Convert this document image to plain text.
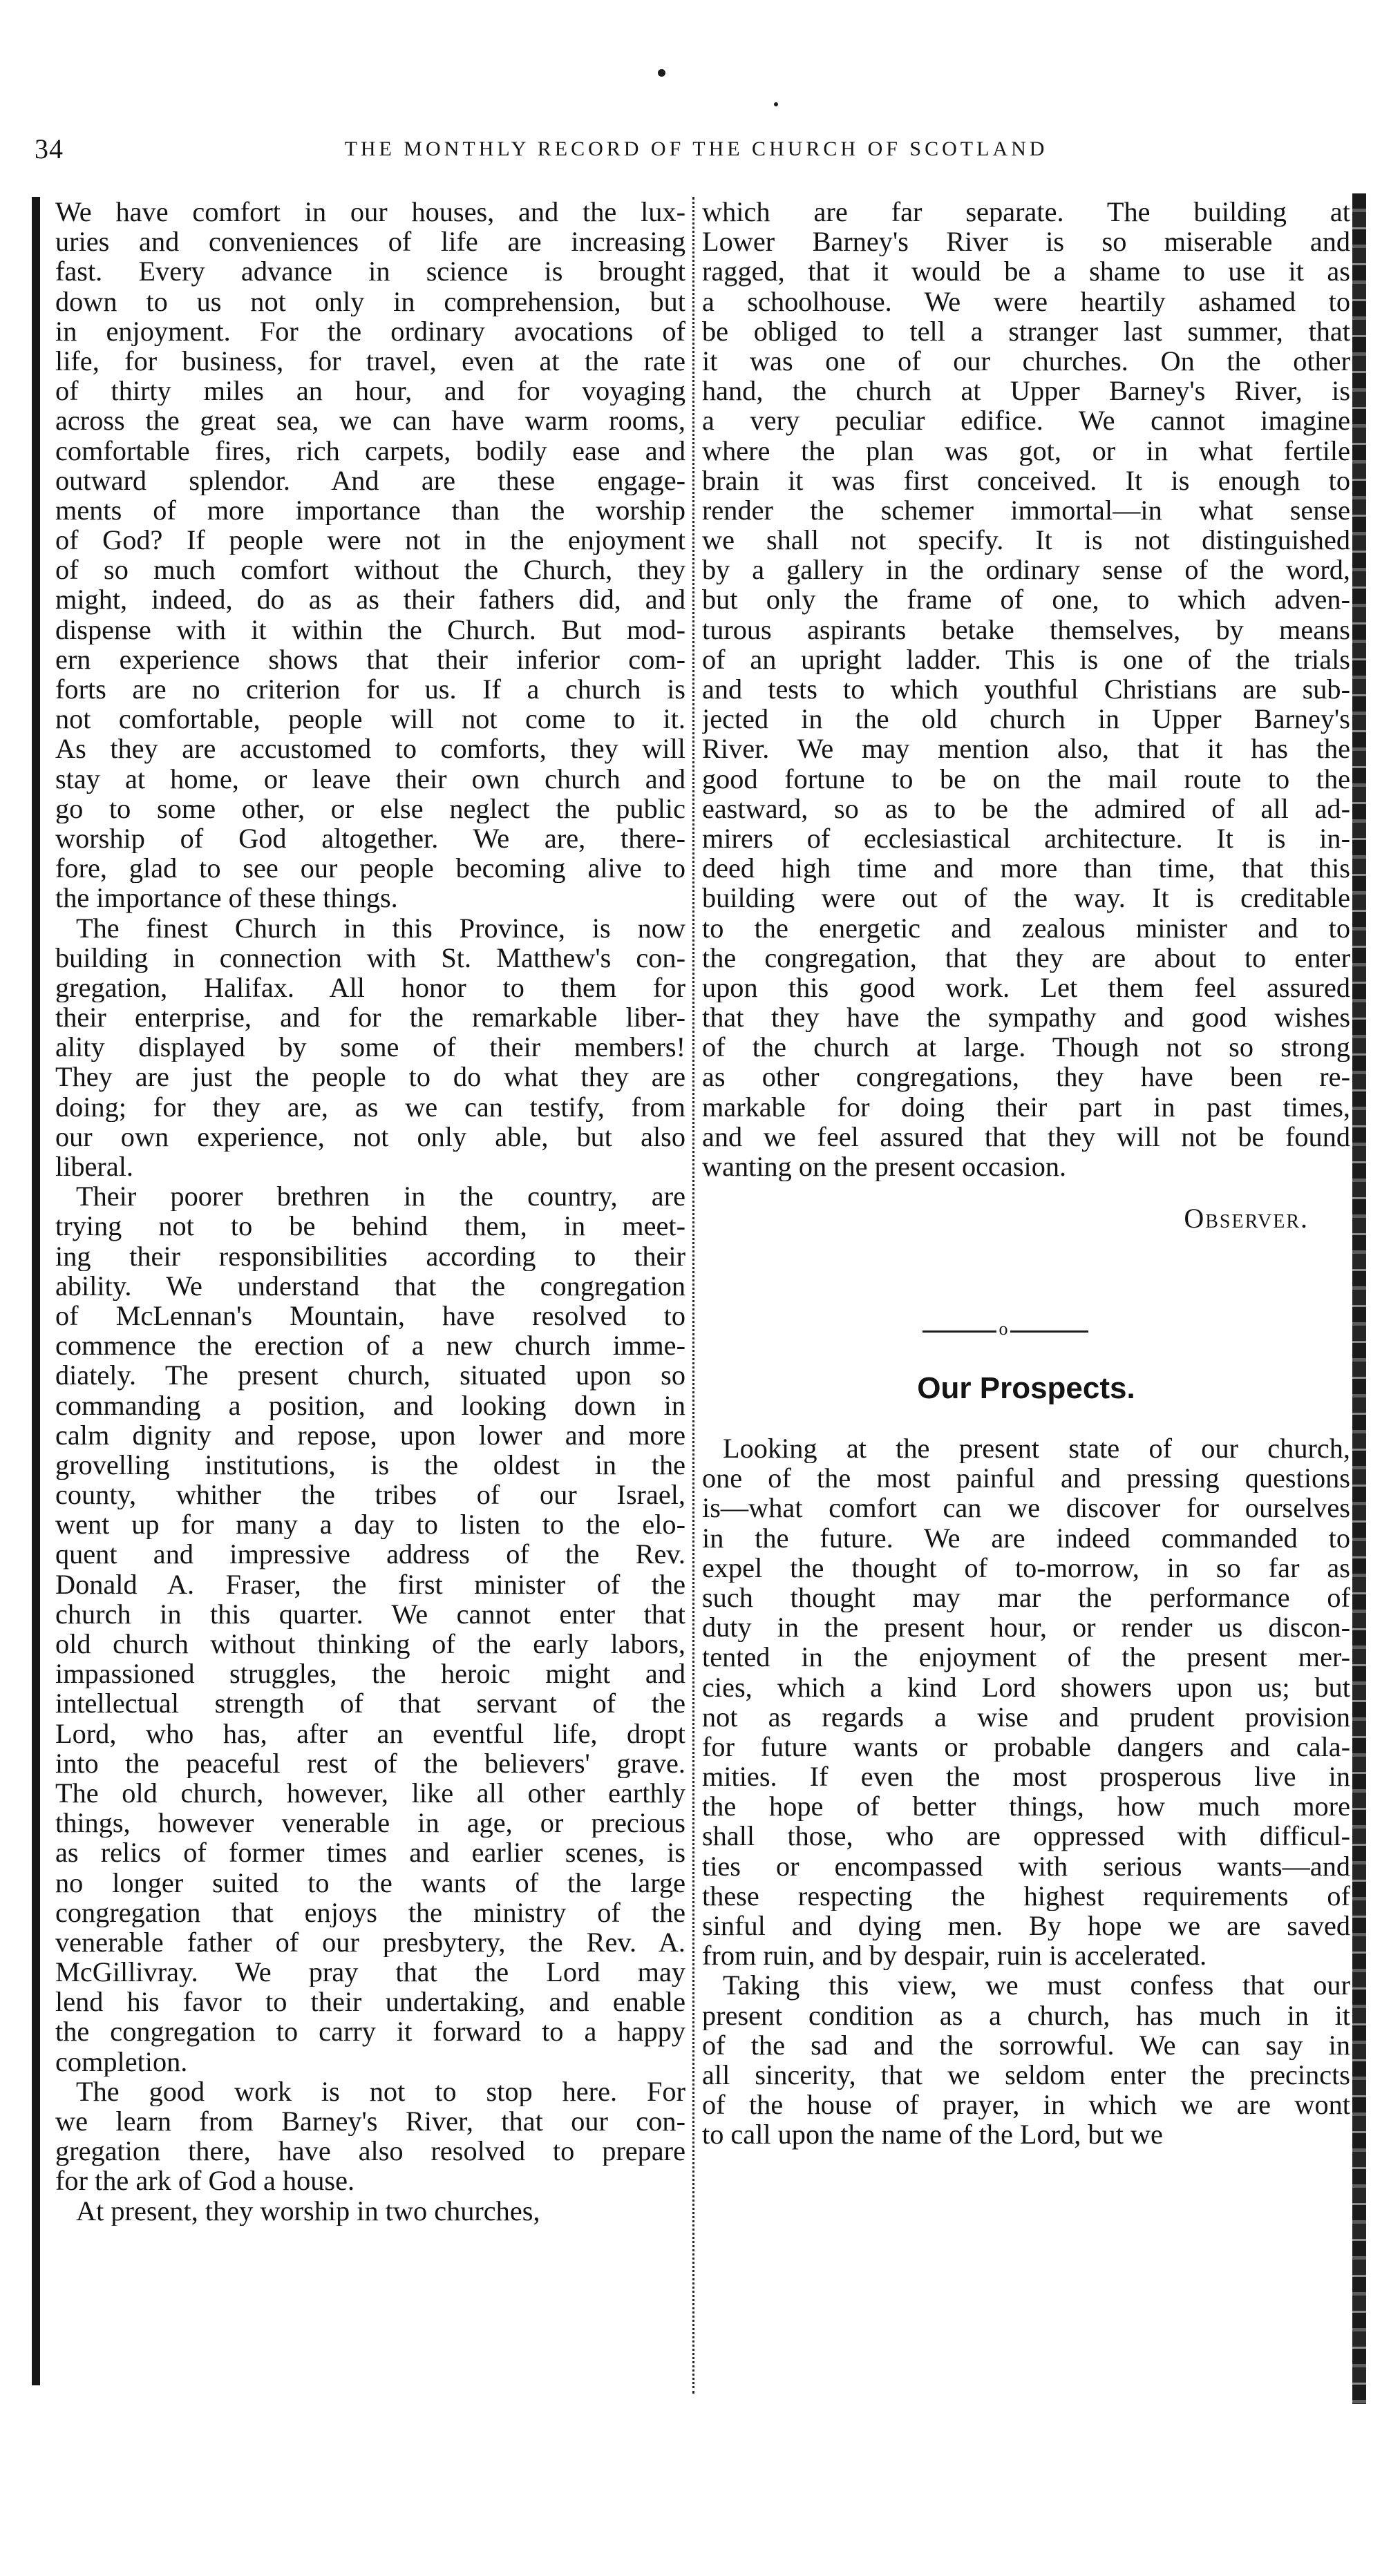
34	THE MONTHLY RECORD OF THE CHURCH OF SCOTLAND
We have comfort in our houses, and the lux-
uries and conveniences of life are increasing
fast. Every advance in science is brought
down to us not only in comprehension, but
in enjoyment. For the ordinary avocations of
life, for business, for travel, even at the rate
of thirty miles an hour, and for voyaging
across the great sea, we can have warm rooms,
comfortable fires, rich carpets, bodily ease and
outward splendor. And are these engage-
ments of more importance than the worship
of God? If people were not in the enjoyment
of so much comfort without the Church, they
might, indeed, do as as their fathers did, and
dispense with it within the Church. But mod-
ern experience shows that their inferior com-
forts are no criterion for us. If a church is
not comfortable, people will not come to it.
As they are accustomed to comforts, they will
stay at home, or leave their own church and
go to some other, or else neglect the public
worship of God altogether. We are, there-
fore, glad to see our people becoming alive to
the importance of these things.
The finest Church in this Province, is now
building in connection with St. Matthew's con-
gregation, Halifax. All honor to them for
their enterprise, and for the remarkable liber-
ality displayed by some of their members!
They are just the people to do what they are
doing; for they are, as we can testify, from
our own experience, not only able, but also
liberal.
Their poorer brethren in the country, are
trying not to be behind them, in meet-
ing their responsibilities according to their
ability. We understand that the congregation
of McLennan's Mountain, have resolved to
commence the erection of a new church imme-
diately. The present church, situated upon so
commanding a position, and looking down in
calm dignity and repose, upon lower and more
grovelling institutions, is the oldest in the
county, whither the tribes of our Israel,
went up for many a day to listen to the elo-
quent and impressive address of the Rev.
Donald A. Fraser, the first minister of the
church in this quarter. We cannot enter that
old church without thinking of the early labors,
impassioned struggles, the heroic might and
intellectual strength of that servant of the
Lord, who has, after an eventful life, dropt
into the peaceful rest of the believers' grave.
The old church, however, like all other earthly
things, however venerable in age, or precious
as relics of former times and earlier scenes, is
no longer suited to the wants of the large
congregation that enjoys the ministry of the
venerable father of our presbytery, the Rev. A.
McGillivray. We pray that the Lord may
lend his favor to their undertaking, and enable
the congregation to carry it forward to a happy
completion.
The good work is not to stop here. For
we learn from Barney's River, that our con-
gregation there, have also resolved to prepare
for the ark of God a house.
At present, they worship in two churches,
which are far separate. The building at
Lower Barney's River is so miserable and
ragged, that it would be a shame to use it as
a schoolhouse. We were heartily ashamed to
be obliged to tell a stranger last summer, that
it was one of our churches. On the other
hand, the church at Upper Barney's River, is
a very peculiar edifice. We cannot imagine
where the plan was got, or in what fertile
brain it was first conceived. It is enough to
render the schemer immortal—in what sense
we shall not specify. It is not distinguished
by a gallery in the ordinary sense of the word,
but only the frame of one, to which adven-
turous aspirants betake themselves, by means
of an upright ladder. This is one of the trials
and tests to which youthful Christians are sub-
jected in the old church in Upper Barney's
River. We may mention also, that it has the
good fortune to be on the mail route to the
eastward, so as to be the admired of all ad-
mirers of ecclesiastical architecture. It is in-
deed high time and more than time, that this
building were out of the way. It is creditable
to the energetic and zealous minister and to
the congregation, that they are about to enter
upon this good work. Let them feel assured
that they have the sympathy and good wishes
of the church at large. Though not so strong
as other congregations, they have been re-
markable for doing their part in past times,
and we feel assured that they will not be found
wanting on the present occasion.
Observer.
o
Our Prospects.
Looking at the present state of our church,
one of the most painful and pressing questions
is—what comfort can we discover for ourselves
in the future. We are indeed commanded to
expel the thought of to-morrow, in so far as
such thought may mar the performance of
duty in the present hour, or render us discon-
tented in the enjoyment of the present mer-
cies, which a kind Lord showers upon us; but
not as regards a wise and prudent provision
for future wants or probable dangers and cala-
mities. If even the most prosperous live in
the hope of better things, how much more
shall those, who are oppressed with difficul-
ties or encompassed with serious wants—and
these respecting the highest requirements of
sinful and dying men. By hope we are saved
from ruin, and by despair, ruin is accelerated.
Taking this view, we must confess that our
present condition as a church, has much in it
of the sad and the sorrowful. We can say in
all sincerity, that we seldom enter the precincts
of the house of prayer, in which we are wont
to call upon the name of the Lord, but we
